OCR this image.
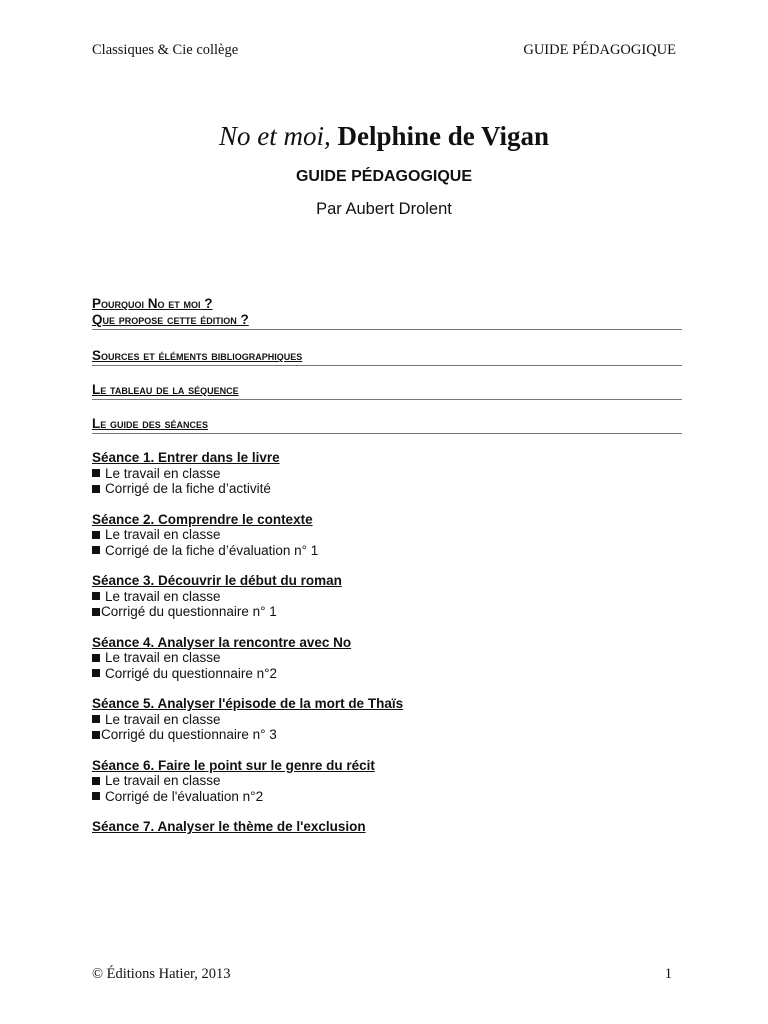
Classiques & Cie collège	GUIDE PÉDAGOGIQUE
No et moi, Delphine de Vigan
GUIDE PÉDAGOGIQUE
Par Aubert Drolent
Pourquoi No et moi ?
Que propose cette édition ?
Sources et éléments bibliographiques
Le tableau de la séquence
Le guide des séances
Séance 1. Entrer dans le livre
Le travail en classe
Corrigé de la fiche d’activité
Séance 2. Comprendre le contexte
Le travail en classe
Corrigé de la fiche d’évaluation n° 1
Séance 3. Découvrir le début du roman
Le travail en classe
Corrigé du questionnaire n° 1
Séance 4. Analyser la rencontre avec No
Le travail en classe
Corrigé du questionnaire n°2
Séance 5. Analyser l'épisode de la mort de Thaïs
Le travail en classe
Corrigé du questionnaire n° 3
Séance 6. Faire le point sur le genre du récit
Le travail en classe
Corrigé de l'évaluation n°2
Séance 7. Analyser le thème de l'exclusion
© Éditions Hatier, 2013	1
